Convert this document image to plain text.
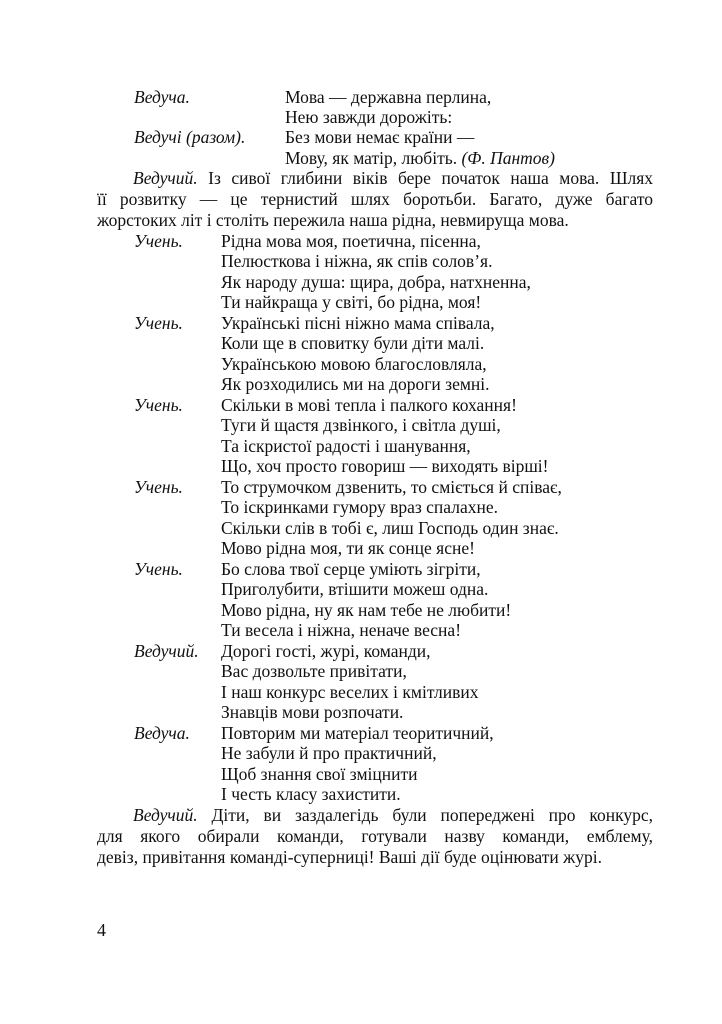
Ведуча.	Мова — державна перлина,
Нею завжди дорожіть:
Ведучі (разом). Без мови немає країни —
Мову, як матір, любіть. (Ф. Пантов)
Ведучий. Із сивої глибини віків бере початок наша мова. Шлях
її розвитку — це тернистий шлях боротьби. Багато, дуже багато
жорстоких літ і століть пережила наша рідна, невмируща мова.
Учень. Рідна мова моя, поетична, пісенна,
Пелюсткова і ніжна, як спів солов’я.
Як народу душа: щира, добра, натхненна,
Ти найкраща у світі, бо рідна, моя!
Учень. Українські пісні ніжно мама співала,
Коли ще в сповитку були діти малі.
Українською мовою благословляла,
Як розходились ми на дороги земні.
Учень. Скільки в мові тепла і палкого кохання!
Туги й щастя дзвінкого, і світла душі,
Та іскристої радості і шанування,
Що, хоч просто говориш — виходять вірші!
Учень. То струмочком дзвенить, то сміється й співає,
То іскринками гумору враз спалахне.
Скільки слів в тобі є, лиш Господь один знає.
Мово рідна моя, ти як сонце ясне!
Учень. Бо слова твої серце уміють зігріти,
Приголубити, втішити можеш одна.
Мово рідна, ну як нам тебе не любити!
Ти весела і ніжна, неначе весна!
Ведучий. Дорогі гості, журі, команди,
Вас дозвольте привітати,
І наш конкурс веселих і кмітливих
Знавців мови розпочати.
Ведуча. Повторим ми матеріал теоритичний,
Не забули й про практичний,
Щоб знання свої зміцнити
І честь класу захистити.
Ведучий. Діти, ви заздалегідь були попереджені про конкурс,
для якого обирали команди, готували назву команди, емблему,
девіз, привітання команді-суперниці! Ваші дії буде оцінювати журі.
4
